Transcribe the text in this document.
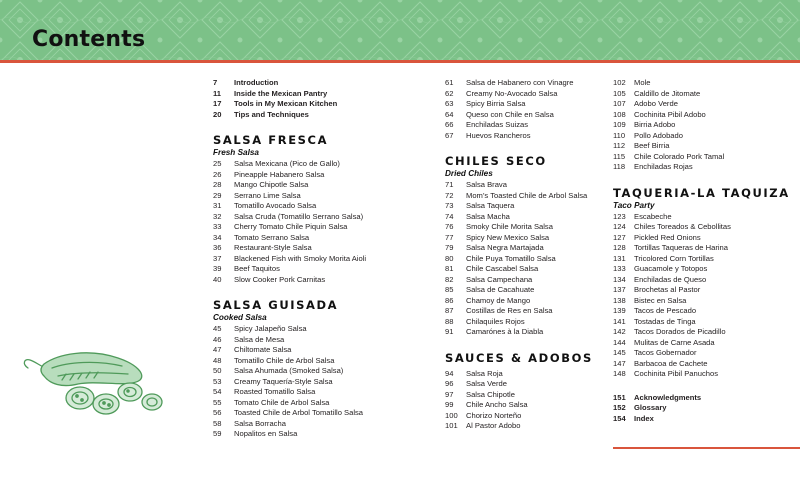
Contents
7	Introduction
11	Inside the Mexican Pantry
17	Tools in My Mexican Kitchen
20	Tips and Techniques
SALSA FRESCA
Fresh Salsa
25	Salsa Mexicana (Pico de Gallo)
26	Pineapple Habanero Salsa
28	Mango Chipotle Salsa
29	Serrano Lime Salsa
31	Tomatillo Avocado Salsa
32	Salsa Cruda (Tomatillo Serrano Salsa)
33	Cherry Tomato Chile Piquin Salsa
34	Tomato Serrano Salsa
36	Restaurant-Style Salsa
37	Blackened Fish with Smoky Morita Aioli
39	Beef Taquitos
40	Slow Cooker Pork Carnitas
SALSA GUISADA
Cooked Salsa
45	Spicy Jalapeño Salsa
46	Salsa de Mesa
47	Chiltomate Salsa
48	Tomatillo Chile de Arbol Salsa
50	Salsa Ahumada (Smoked Salsa)
53	Creamy Taquería-Style Salsa
54	Roasted Tomatillo Salsa
55	Tomato Chile de Arbol Salsa
56	Toasted Chile de Arbol Tomatillo Salsa
58	Salsa Borracha
59	Nopalitos en Salsa
61	Salsa de Habanero con Vinagre
62	Creamy No-Avocado Salsa
63	Spicy Birria Salsa
64	Queso con Chile en Salsa
66	Enchiladas Suizas
67	Huevos Rancheros
CHILES SECO
Dried Chiles
71	Salsa Brava
72	Mom’s Toasted Chile de Arbol Salsa
73	Salsa Taquera
74	Salsa Macha
76	Smoky Chile Morita Salsa
77	Spicy New Mexico Salsa
79	Salsa Negra Martajada
80	Chile Puya Tomatillo Salsa
81	Chile Cascabel Salsa
82	Salsa Campechana
85	Salsa de Cacahuate
86	Chamoy de Mango
87	Costillas de Res en Salsa
88	Chilaquiles Rojos
91	Camarónes à la Diabla
SAUCES & ADOBOS
94	Salsa Roja
96	Salsa Verde
97	Salsa Chipotle
99	Chile Ancho Salsa
100	Chorizo Norteño
101	Al Pastor Adobo
102	Mole
105	Caldillo de Jitomate
107	Adobo Verde
108	Cochinita Pibil Adobo
109	Birria Adobo
110	Pollo Adobado
112	Beef Birria
115	Chile Colorado Pork Tamal
118	Enchiladas Rojas
TAQUERIA-LA TAQUIZA
Taco Party
123	Escabeche
124	Chiles Toreados & Cebollitas
127	Pickled Red Onions
128	Tortillas Taqueras de Harina
131	Tricolored Corn Tortillas
133	Guacamole y Totopos
134	Enchiladas de Queso
137	Brochetas al Pastor
138	Bistec en Salsa
139	Tacos de Pescado
141	Tostadas de Tinga
142	Tacos Dorados de Picadillo
144	Mulitas de Carne Asada
145	Tacos Gobernador
147	Barbacoa de Cachete
148	Cochinita Pibil Panuchos
151	Acknowledgments
152	Glossary
154	Index
